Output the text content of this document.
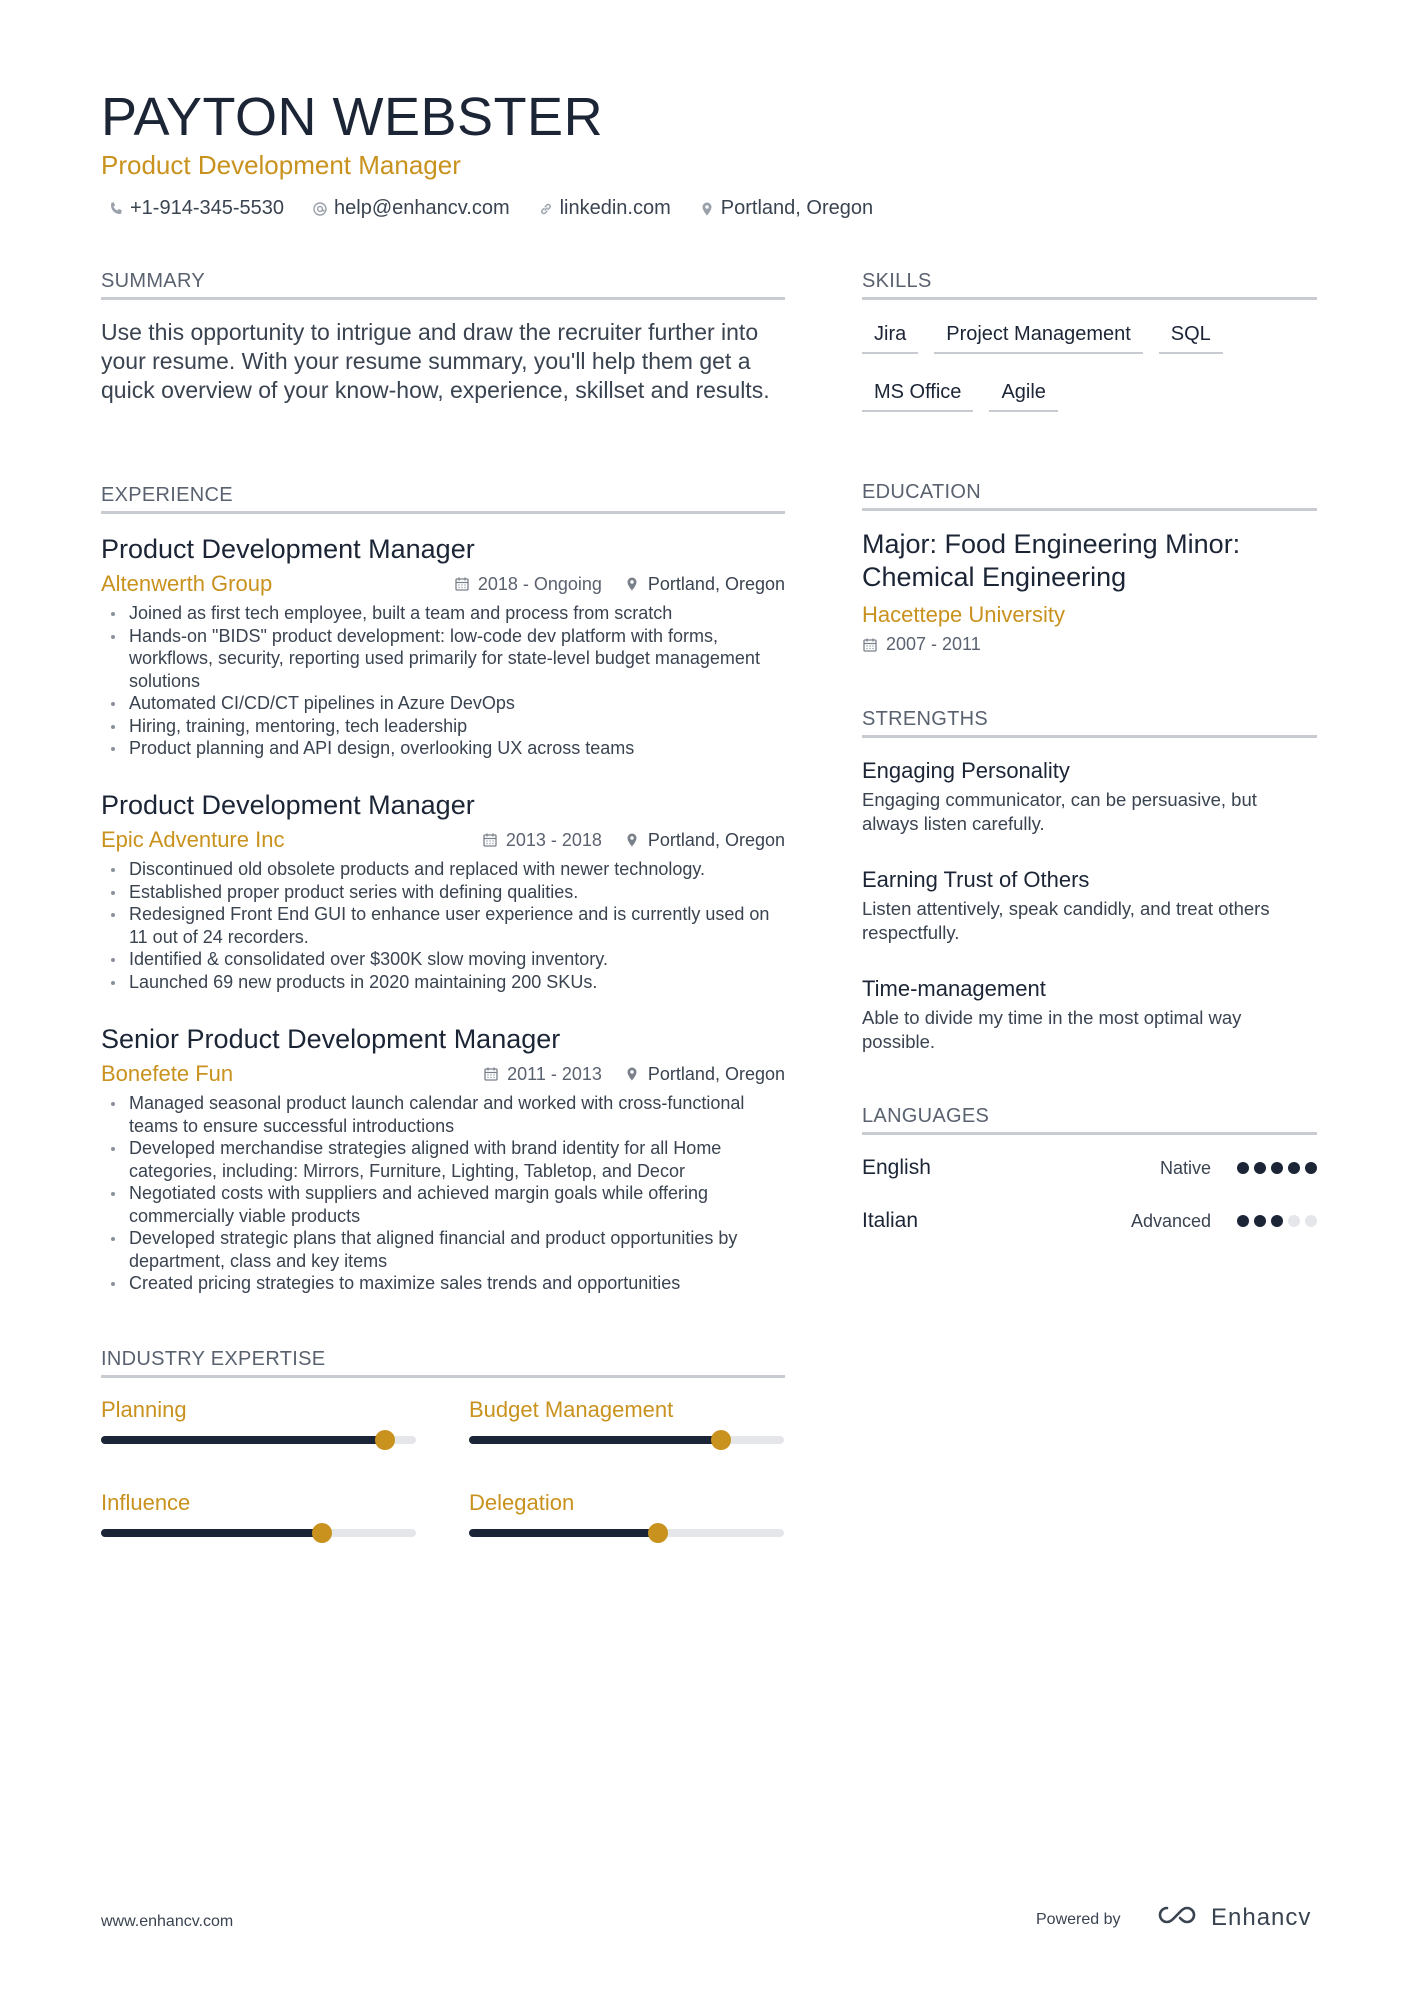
PAYTON WEBSTER
Product Development Manager
+1-914-345-5530	help@enhancv.com	linkedin.com	Portland, Oregon
SUMMARY
Use this opportunity to intrigue and draw the recruiter further into your resume. With your resume summary, you'll help them get a quick overview of your know-how, experience, skillset and results.
EXPERIENCE
Product Development Manager
Altenwerth Group	2018 - Ongoing	Portland, Oregon
Joined as first tech employee, built a team and process from scratch
Hands-on "BIDS" product development: low-code dev platform with forms, workflows, security, reporting used primarily for state-level budget management solutions
Automated CI/CD/CT pipelines in Azure DevOps
Hiring, training, mentoring, tech leadership
Product planning and API design, overlooking UX across teams
Product Development Manager
Epic Adventure Inc	2013 - 2018	Portland, Oregon
Discontinued old obsolete products and replaced with newer technology.
Established proper product series with defining qualities.
Redesigned Front End GUI to enhance user experience and is currently used on 11 out of 24 recorders.
Identified & consolidated over $300K slow moving inventory.
Launched 69 new products in 2020 maintaining 200 SKUs.
Senior Product Development Manager
Bonefete Fun	2011 - 2013	Portland, Oregon
Managed seasonal product launch calendar and worked with cross-functional teams to ensure successful introductions
Developed merchandise strategies aligned with brand identity for all Home categories, including: Mirrors, Furniture, Lighting, Tabletop, and Decor
Negotiated costs with suppliers and achieved margin goals while offering commercially viable products
Developed strategic plans that aligned financial and product opportunities by department, class and key items
Created pricing strategies to maximize sales trends and opportunities
INDUSTRY EXPERTISE
Planning	Budget Management
Influence	Delegation
SKILLS
Jira	Project Management	SQL
MS Office	Agile
EDUCATION
Major: Food Engineering Minor: Chemical Engineering
Hacettepe University
2007 - 2011
STRENGTHS
Engaging Personality
Engaging communicator, can be persuasive, but always listen carefully.
Earning Trust of Others
Listen attentively, speak candidly, and treat others respectfully.
Time-management
Able to divide my time in the most optimal way possible.
LANGUAGES
English	Native
Italian	Advanced
www.enhancv.com	Powered by	Enhancv
